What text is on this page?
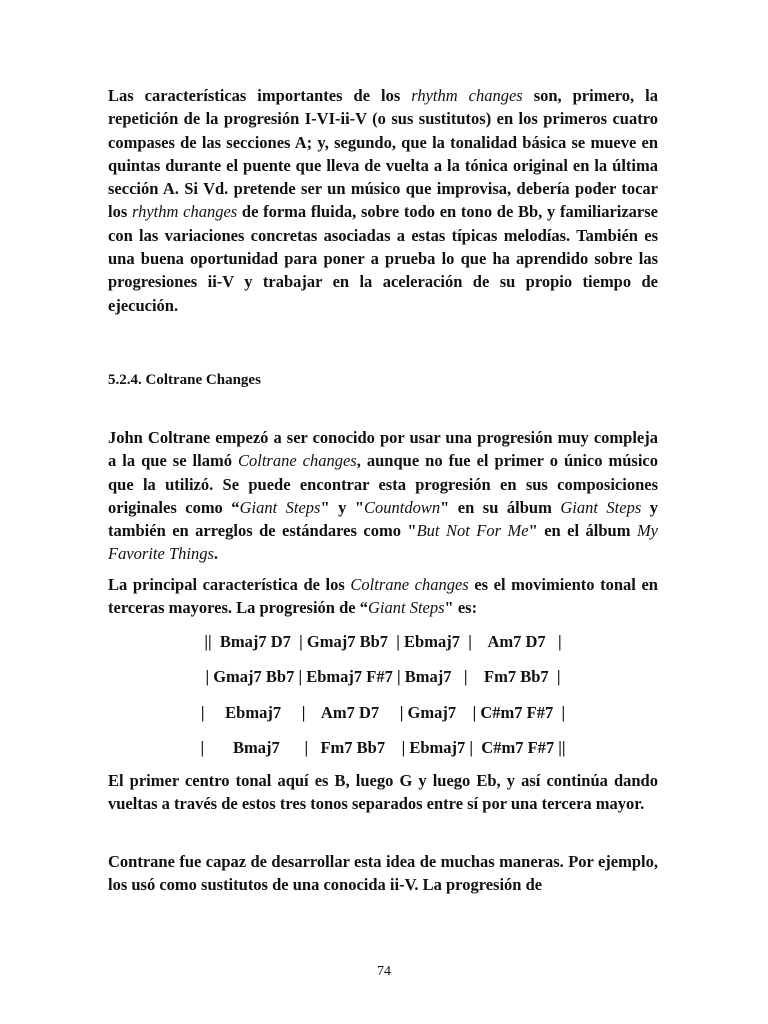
Las características importantes de los rhythm changes son, primero, la repetición de la progresión I-VI-ii-V (o sus sustitutos) en los primeros cuatro compases de las secciones A; y, segundo, que la tonalidad básica se mueve en quintas durante el puente que lleva de vuelta a la tónica original en la última sección A. Si Vd. pretende ser un músico que improvisa, debería poder tocar los rhythm changes de forma fluida, sobre todo en tono de Bb, y familiarizarse con las variaciones concretas asociadas a estas típicas melodías. También es una buena oportunidad para poner a prueba lo que ha aprendido sobre las progresiones ii-V y trabajar en la aceleración de su propio tiempo de ejecución.

5.2.4. Coltrane Changes

John Coltrane empezó a ser conocido por usar una progresión muy compleja a la que se llamó Coltrane changes, aunque no fue el primer o único músico que la utilizó. Se puede encontrar esta progresión en sus composiciones originales como “Giant Steps" y "Countdown" en su álbum Giant Steps y también en arreglos de estándares como "But Not For Me" en el álbum My Favorite Things.

La principal característica de los Coltrane changes es el movimiento tonal en terceras mayores. La progresión de “Giant Steps" es:

||  Bmaj7 D7  | Gmaj7 Bb7  | Ebmaj7  |    Am7 D7   |
| Gmaj7 Bb7 | Ebmaj7 F#7 | Bmaj7   |    Fm7 Bb7  |
|     Ebmaj7     |    Am7 D7     | Gmaj7    | C#m7 F#7  |
|       Bmaj7      |   Fm7 Bb7    | Ebmaj7 |  C#m7 F#7 ||

El primer centro tonal aquí es B, luego G y luego Eb, y así continúa dando vueltas a través de estos tres tonos separados entre sí por una tercera mayor.

Contrane fue capaz de desarrollar esta idea de muchas maneras. Por ejemplo, los usó como sustitutos de una conocida ii-V. La progresión de

74
